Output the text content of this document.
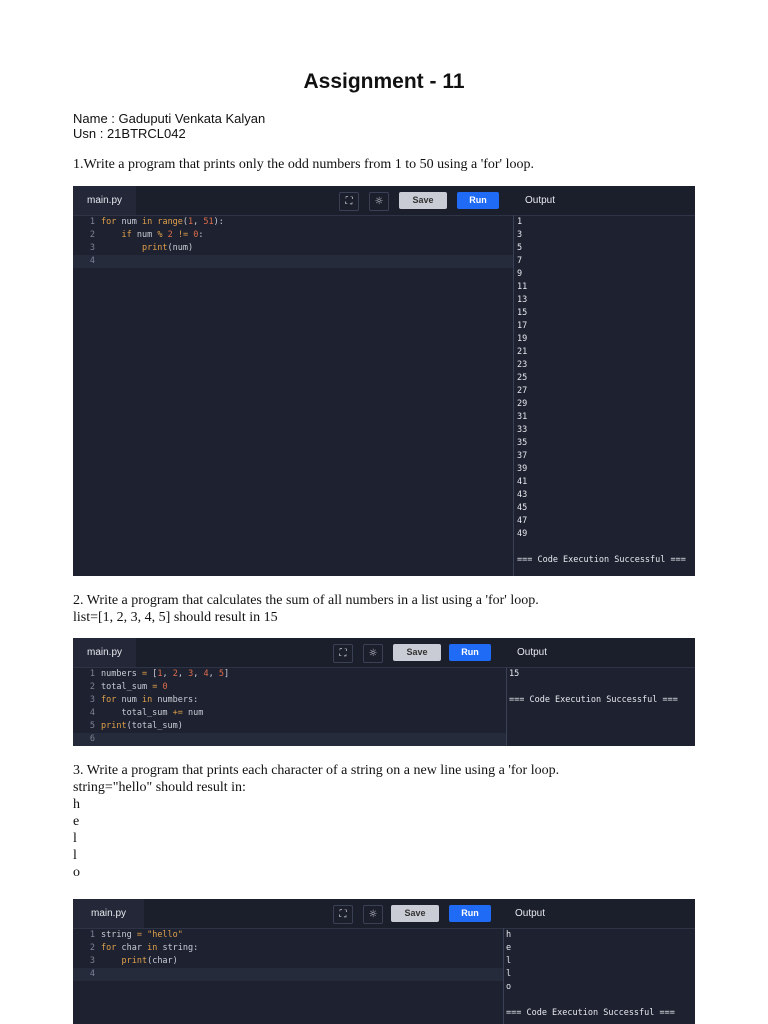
Assignment - 11
Name : Gaduputi Venkata Kalyan
Usn : 21BTRCL042
1.Write a program that prints only the odd numbers from 1 to 50 using a 'for' loop.
main.py	⛶	☼	Save	Run	Output
1 for num in range(1, 51):
2	if num % 2 != 0:
3	print(num)
4
1
3
5
7
9
11
13
15
17
19
21
23
25
27
29
31
33
35
37
39
41
43
45
47
49
=== Code Execution Successful ===
2. Write a program that calculates the sum of all numbers in a list using a 'for' loop.
list=[1, 2, 3, 4, 5] should result in 15
main.py	⛶	☼	Save	Run	Output
1 numbers = [1, 2, 3, 4, 5]
2 total_sum = 0
3 for num in numbers:
4    total_sum += num
5 print(total_sum)
6
15
=== Code Execution Successful ===
3. Write a program that prints each character of a string on a new line using a 'for loop.
string="hello" should result in:
h
e
l
l
o
main.py	⛶	☼	Save	Run	Output
1 string = "hello"
2 for char in string:
3	print(char)
4
h
e
l
l
o
=== Code Execution Successful ===
